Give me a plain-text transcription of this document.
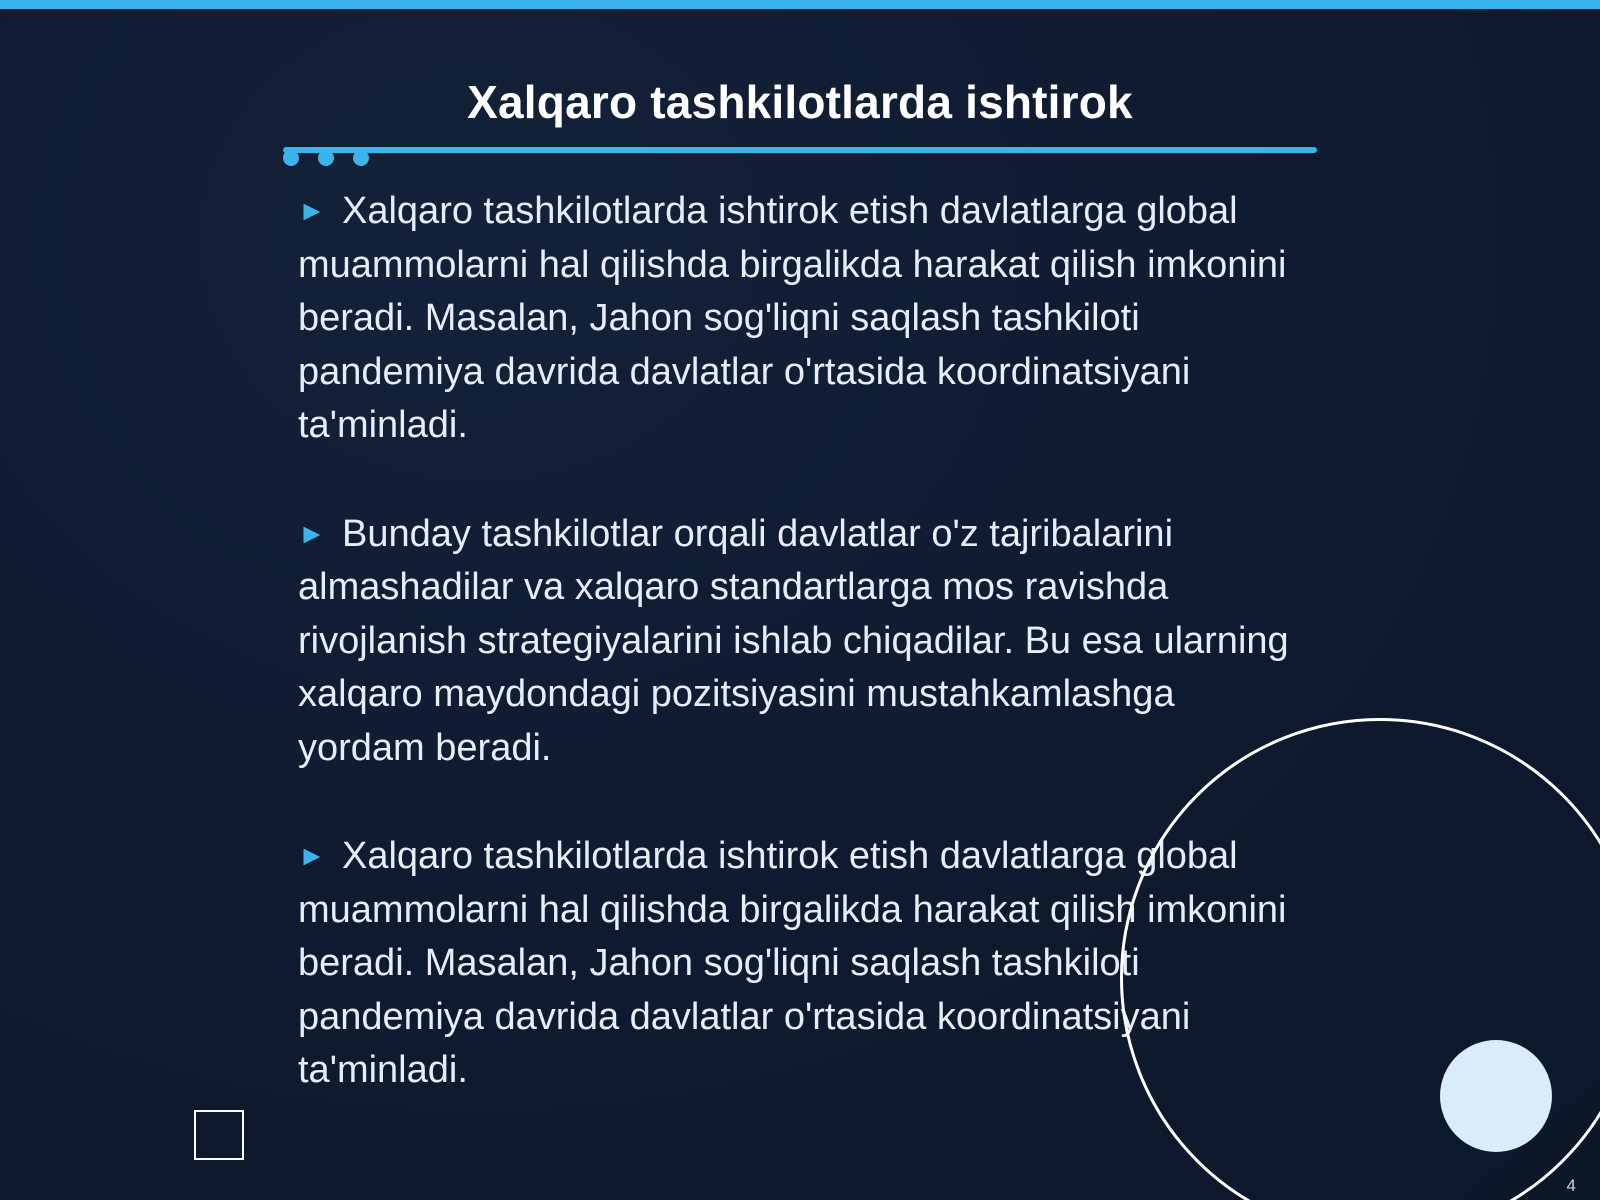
Xalqaro tashkilotlarda ishtirok
► Xalqaro tashkilotlarda ishtirok etish davlatlarga global muammolarni hal qilishda birgalikda harakat qilish imkonini beradi. Masalan, Jahon sog'liqni saqlash tashkiloti pandemiya davrida davlatlar o'rtasida koordinatsiyani ta'minladi.
► Bunday tashkilotlar orqali davlatlar o'z tajribalarini almashadilar va xalqaro standartlarga mos ravishda rivojlanish strategiyalarini ishlab chiqadilar. Bu esa ularning xalqaro maydondagi pozitsiyasini mustahkamlashga yordam beradi.
► Xalqaro tashkilotlarda ishtirok etish davlatlarga global muammolarni hal qilishda birgalikda harakat qilish imkonini beradi. Masalan, Jahon sog'liqni saqlash tashkiloti pandemiya davrida davlatlar o'rtasida koordinatsiyani ta'minladi.
4
